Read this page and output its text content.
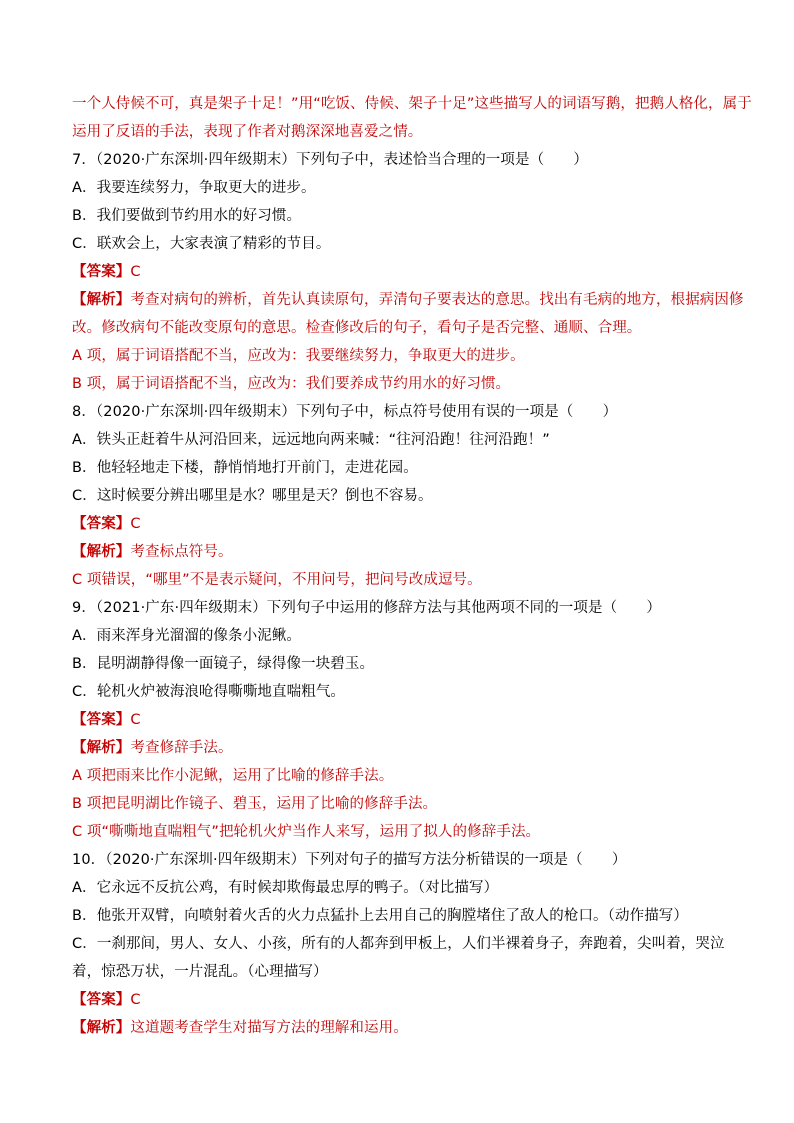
一个人侍候不可，真是架子十足！”用“吃饭、侍候、架子十足”这些描写人的词语写鹅，把鹅人格化，属于
运用了反语的手法，表现了作者对鹅深深地喜爱之情。
7．（2020·广东深圳·四年级期末）下列句子中，表述恰当合理的一项是（　　）
A．我要连续努力，争取更大的进步。
B．我们要做到节约用水的好习惯。
C．联欢会上，大家表演了精彩的节目。
【答案】C
【解析】考查对病句的辨析，首先认真读原句，弄清句子要表达的意思。找出有毛病的地方，根据病因修
改。修改病句不能改变原句的意思。检查修改后的句子，看句子是否完整、通顺、合理。
A 项，属于词语搭配不当，应改为：我要继续努力，争取更大的进步。
B 项，属于词语搭配不当，应改为：我们要养成节约用水的好习惯。
8．（2020·广东深圳·四年级期末）下列句子中，标点符号使用有误的一项是（　　）
A．铁头正赶着牛从河沿回来，远远地向两来喊：“往河沿跑！往河沿跑！”
B．他轻轻地走下楼，静悄悄地打开前门，走进花园。
C．这时候要分辨出哪里是水？哪里是天？倒也不容易。
【答案】C
【解析】考查标点符号。
C 项错误，“哪里”不是表示疑问，不用问号，把问号改成逗号。
9．（2021·广东·四年级期末）下列句子中运用的修辞方法与其他两项不同的一项是（　　）
A．雨来浑身光溜溜的像条小泥鳅。
B．昆明湖静得像一面镜子，绿得像一块碧玉。
C．轮机火炉被海浪呛得嘶嘶地直喘粗气。
【答案】C
【解析】考查修辞手法。
A 项把雨来比作小泥鳅，运用了比喻的修辞手法。
B 项把昆明湖比作镜子、碧玉，运用了比喻的修辞手法。
C 项“嘶嘶地直喘粗气”把轮机火炉当作人来写，运用了拟人的修辞手法。
10．（2020·广东深圳·四年级期末）下列对句子的描写方法分析错误的一项是（　　）
A．它永远不反抗公鸡，有时候却欺侮最忠厚的鸭子。（对比描写）
B．他张开双臂，向喷射着火舌的火力点猛扑上去用自己的胸膛堵住了敌人的枪口。（动作描写）
C．一刹那间，男人、女人、小孩，所有的人都奔到甲板上，人们半裸着身子，奔跑着，尖叫着，哭泣
着，惊恐万状，一片混乱。（心理描写）
【答案】C
【解析】这道题考查学生对描写方法的理解和运用。
